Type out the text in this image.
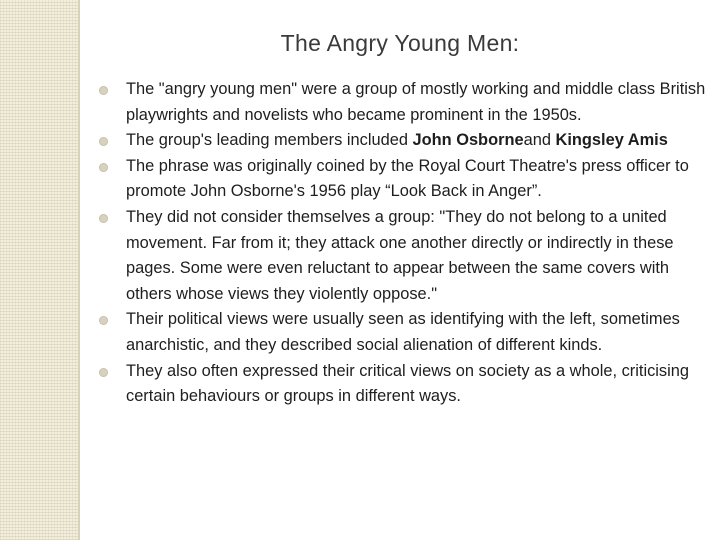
The Angry Young Men:
The "angry young men" were a group of mostly working and middle class British playwrights and novelists who became prominent in the 1950s.
The group's leading members included John Osborneand Kingsley Amis
The phrase was originally coined by the Royal Court Theatre's press officer to promote John Osborne's 1956 play “Look Back in Anger”.
They did not consider themselves a group: "They do not belong to a united movement. Far from it; they attack one another directly or indirectly in these pages. Some were even reluctant to appear between the same covers with others whose views they violently oppose."
Their political views were usually seen as identifying with the left, sometimes anarchistic, and they described social alienation of different kinds.
They also often expressed their critical views on society as a whole, criticising certain behaviours or groups in different ways.
